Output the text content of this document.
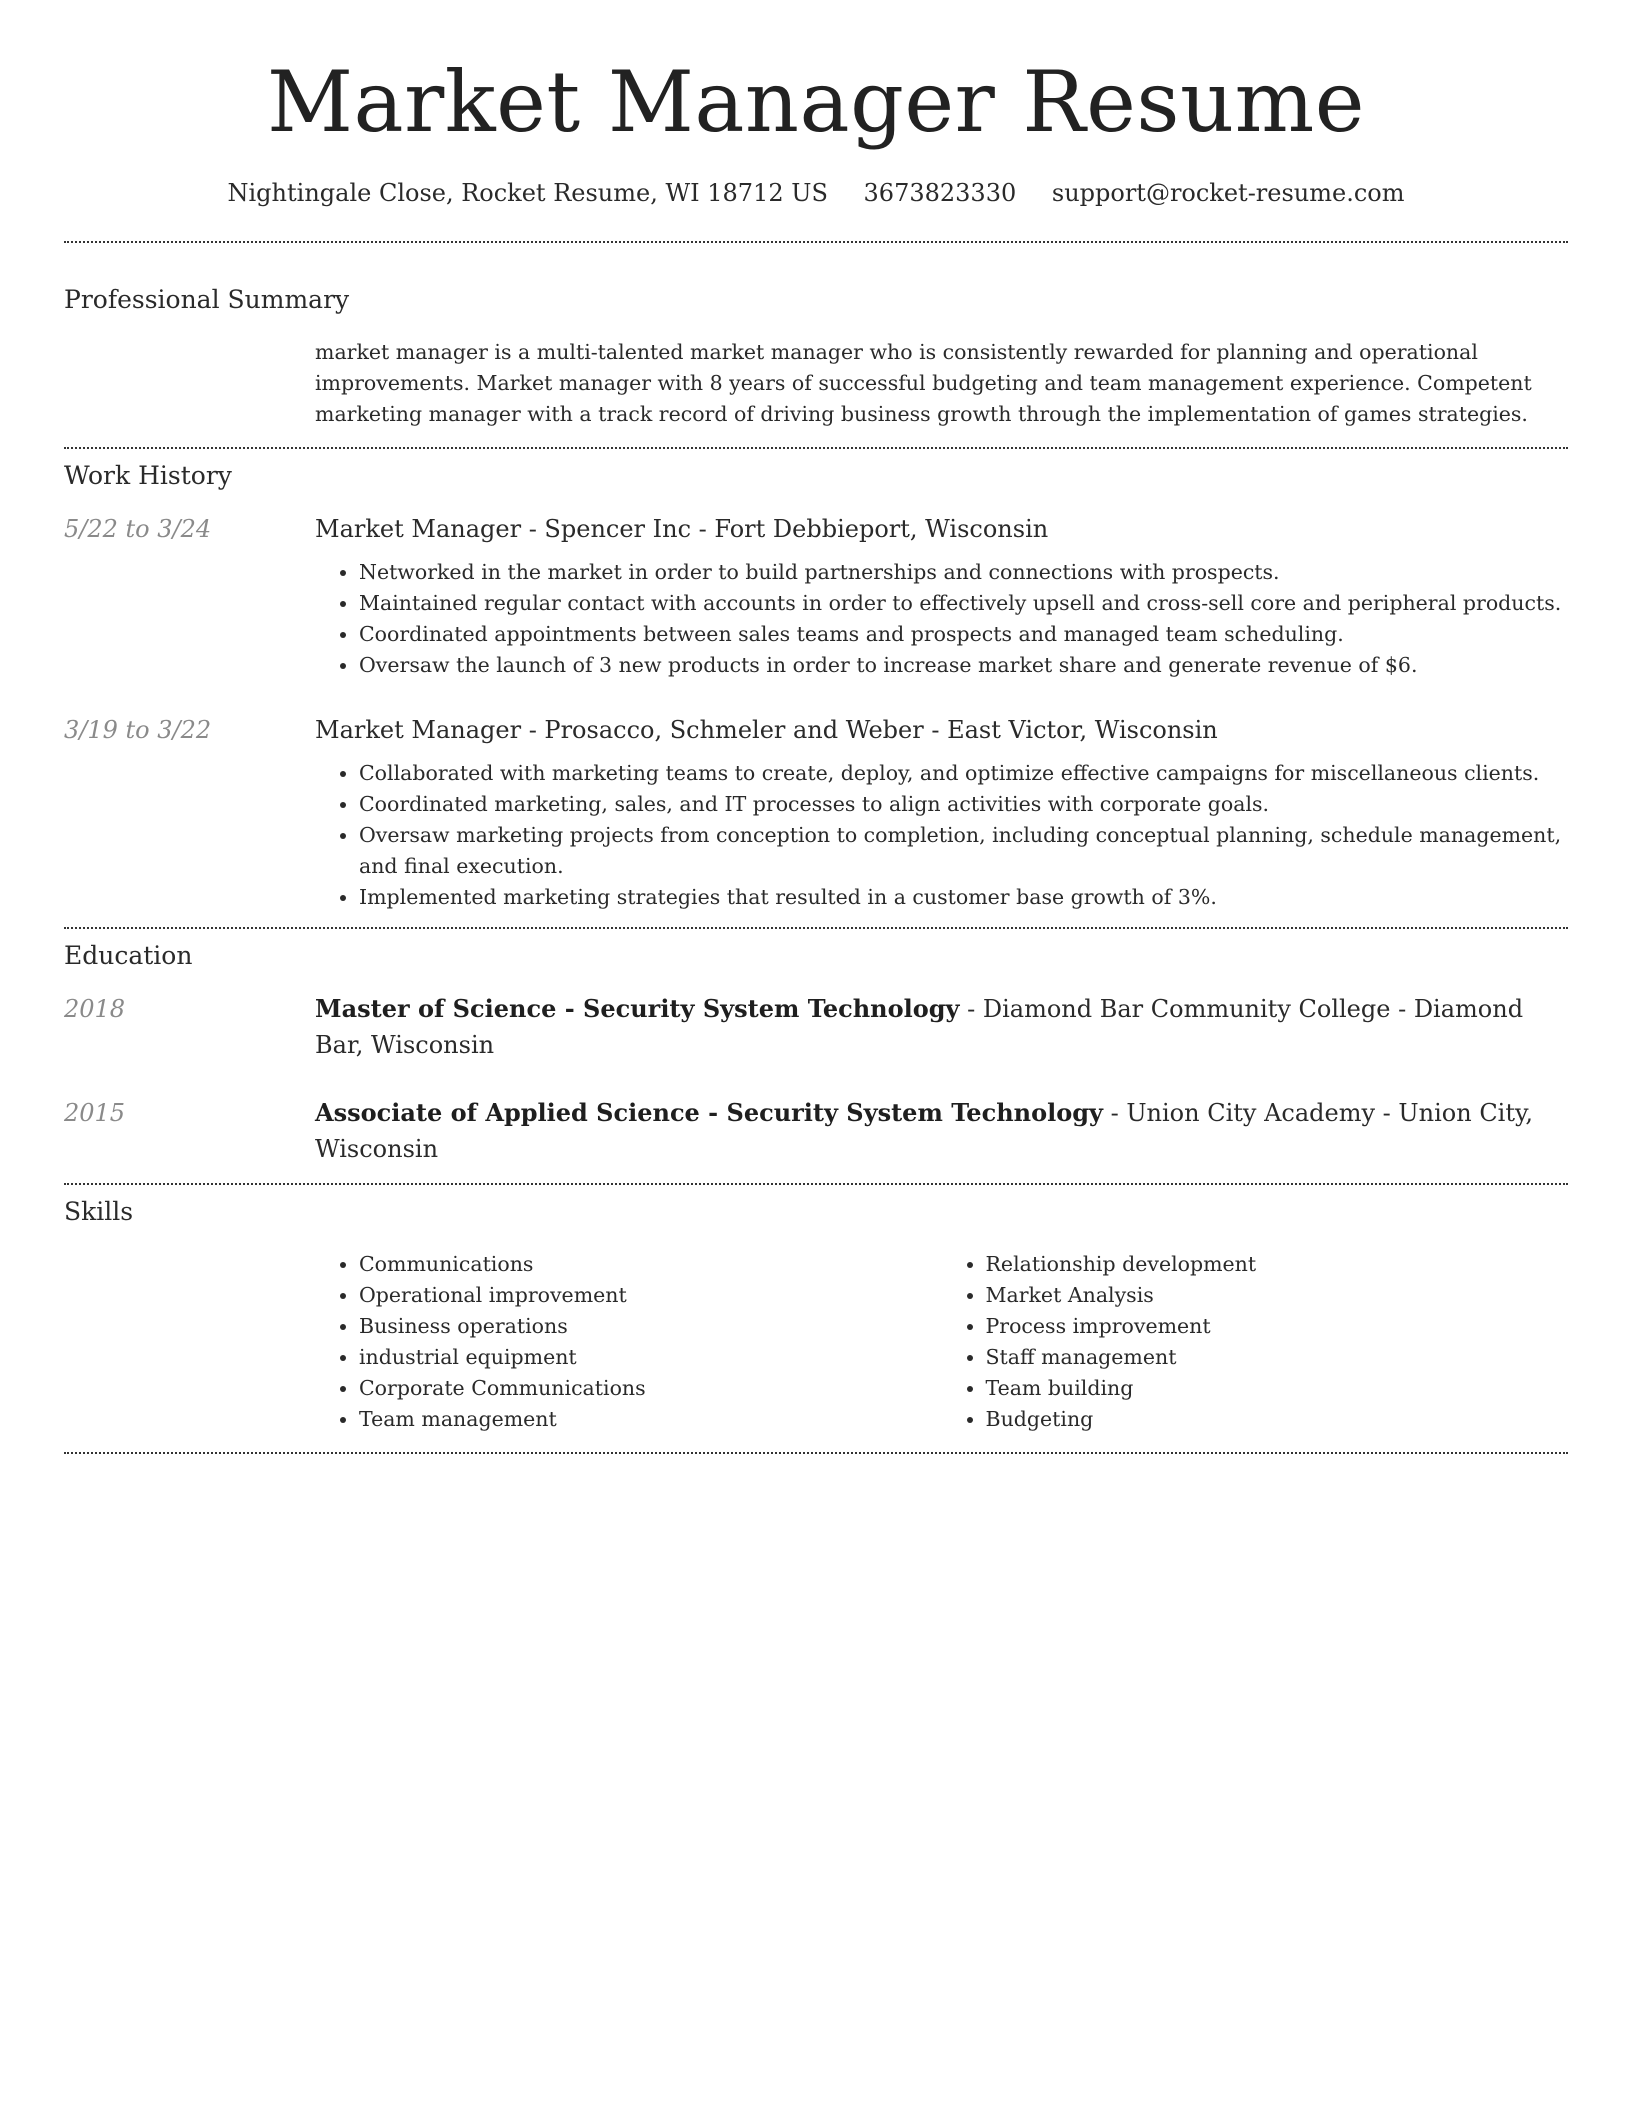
Market Manager Resume
Nightingale Close, Rocket Resume, WI 18712 US 3673823330 support@rocket-resume.com
Professional Summary

market manager is a multi-talented market manager who is consistently rewarded for planning and operational improvements. Market manager with 8 years of successful budgeting and team management experience. Competent marketing manager with a track record of driving business growth through the implementation of games strategies.

Work History
5/22 to 3/24	Market Manager - Spencer Inc - Fort Debbieport, Wisconsin
• Networked in the market in order to build partnerships and connections with prospects.
• Maintained regular contact with accounts in order to effectively upsell and cross-sell core and peripheral products.
• Coordinated appointments between sales teams and prospects and managed team scheduling.
• Oversaw the launch of 3 new products in order to increase market share and generate revenue of $6.
3/19 to 3/22	Market Manager - Prosacco, Schmeler and Weber - East Victor, Wisconsin
• Collaborated with marketing teams to create, deploy, and optimize effective campaigns for miscellaneous clients.
• Coordinated marketing, sales, and IT processes to align activities with corporate goals.
• Oversaw marketing projects from conception to completion, including conceptual planning, schedule management, and final execution.
• Implemented marketing strategies that resulted in a customer base growth of 3%.
Education
2018	Master of Science - Security System Technology - Diamond Bar Community College - Diamond Bar, Wisconsin
2015	Associate of Applied Science - Security System Technology - Union City Academy - Union City, Wisconsin
Skills
• Communications
• Operational improvement
• Business operations
• industrial equipment
• Corporate Communications
• Team management
• Relationship development
• Market Analysis
• Process improvement
• Staff management
• Team building
• Budgeting
